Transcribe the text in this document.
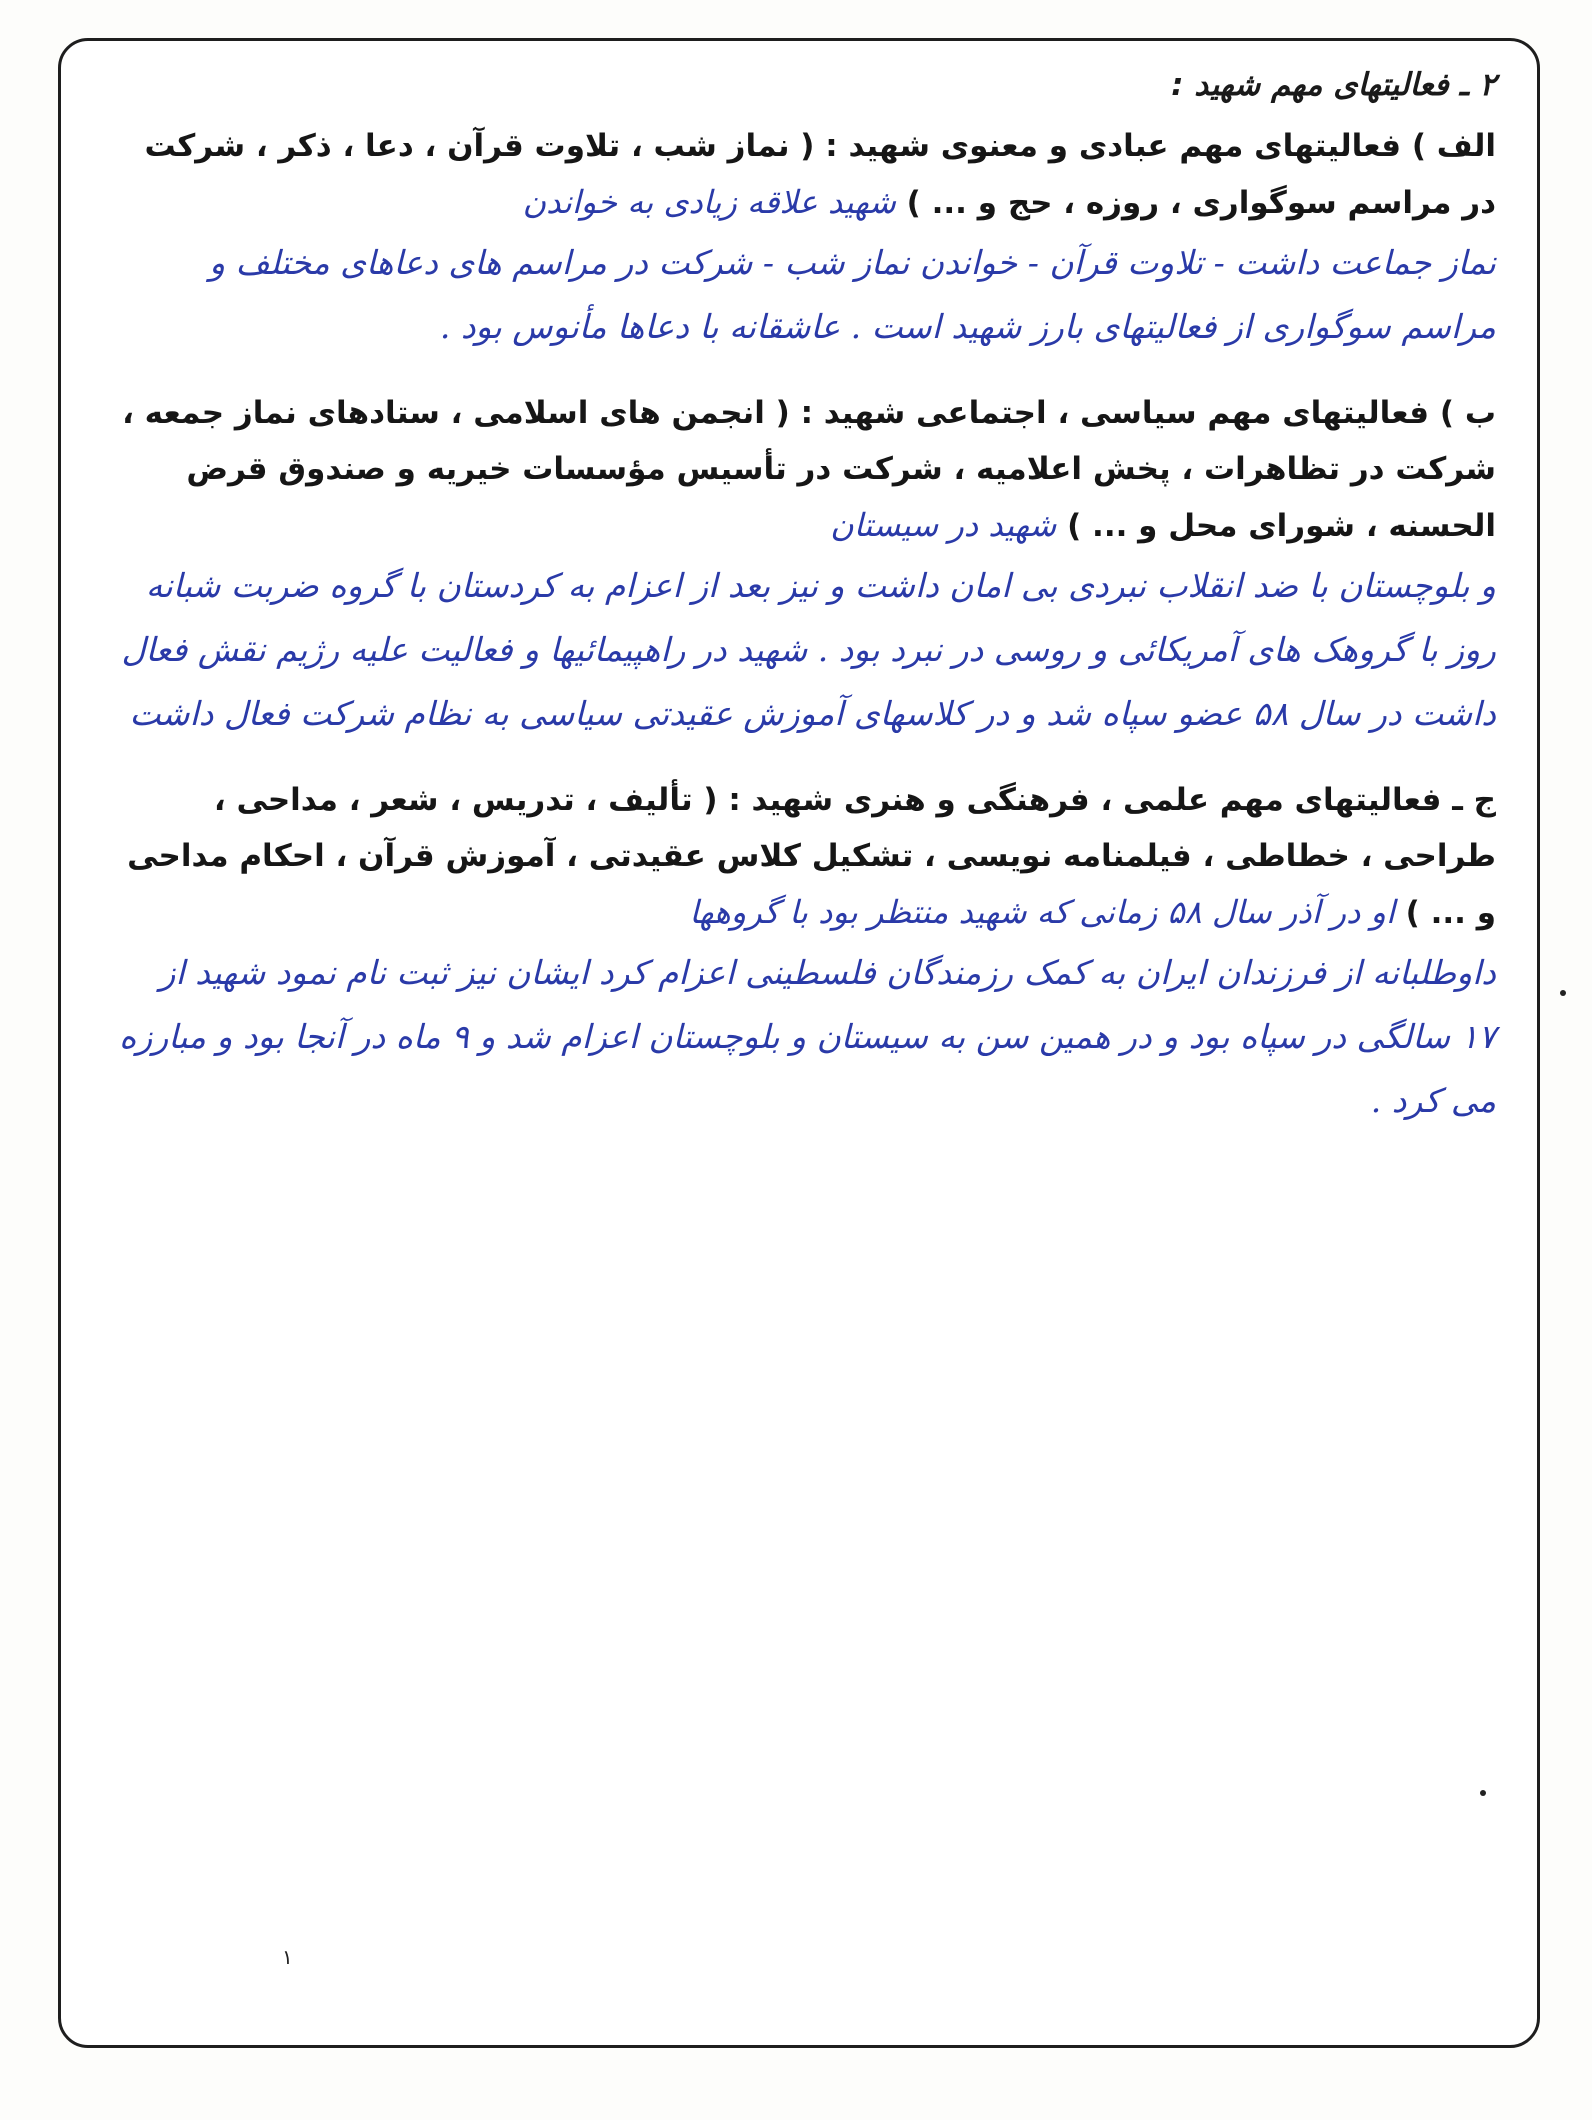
۲ ـ فعالیتهای مهم شهید :

الف ) فعالیتهای مهم عبادی و معنوی شهید : ( نماز شب ، تلاوت قرآن ، دعا ، ذکر ، شرکت در مراسم سوگواری ، روزه ، حج و ... ) شهید علاقه زیادی به خواندن

نماز جماعت داشت - تلاوت قرآن - خواندن نماز شب - شرکت در مراسم های دعاهای مختلف و مراسم سوگواری از فعالیتهای بارز شهید است . عاشقانه با دعاها مأنوس بود .

ب ) فعالیتهای مهم سیاسی ، اجتماعی شهید : ( انجمن های اسلامی ، ستادهای نماز جمعه ، شرکت در تظاهرات ، پخش اعلامیه ، شرکت در تأسیس مؤسسات خیریه و صندوق قرض الحسنه ، شورای محل و ... ) شهید در سیستان

و بلوچستان با ضد انقلاب نبردی بی امان داشت و نیز بعد از اعزام به کردستان با گروه ضربت شبانه روز با گروهک های آمریکائی و روسی در نبرد بود . شهید در راهپیمائیها و فعالیت علیه رژیم نقش فعال داشت در سال ۵۸ عضو سپاه شد و در کلاسهای آموزش عقیدتی سیاسی به نظام شرکت فعال داشت

ج ـ فعالیتهای مهم علمی ، فرهنگی و هنری شهید : ( تألیف ، تدریس ، شعر ، مداحی ، طراحی ، خطاطی ، فیلمنامه نویسی ، تشکیل کلاس عقیدتی ، آموزش قرآن ، احکام مداحی و ... ) او در آذر سال ۵۸ زمانی که شهید منتظر بود با گروهها

داوطلبانه از فرزندان ایران به کمک رزمندگان فلسطینی اعزام کرد ایشان نیز ثبت نام نمود شهید از ۱۷ سالگی در سپاه بود و در همین سن به سیستان و بلوچستان اعزام شد و ۹ ماه در آنجا بود و مبارزه می کرد .

۱
